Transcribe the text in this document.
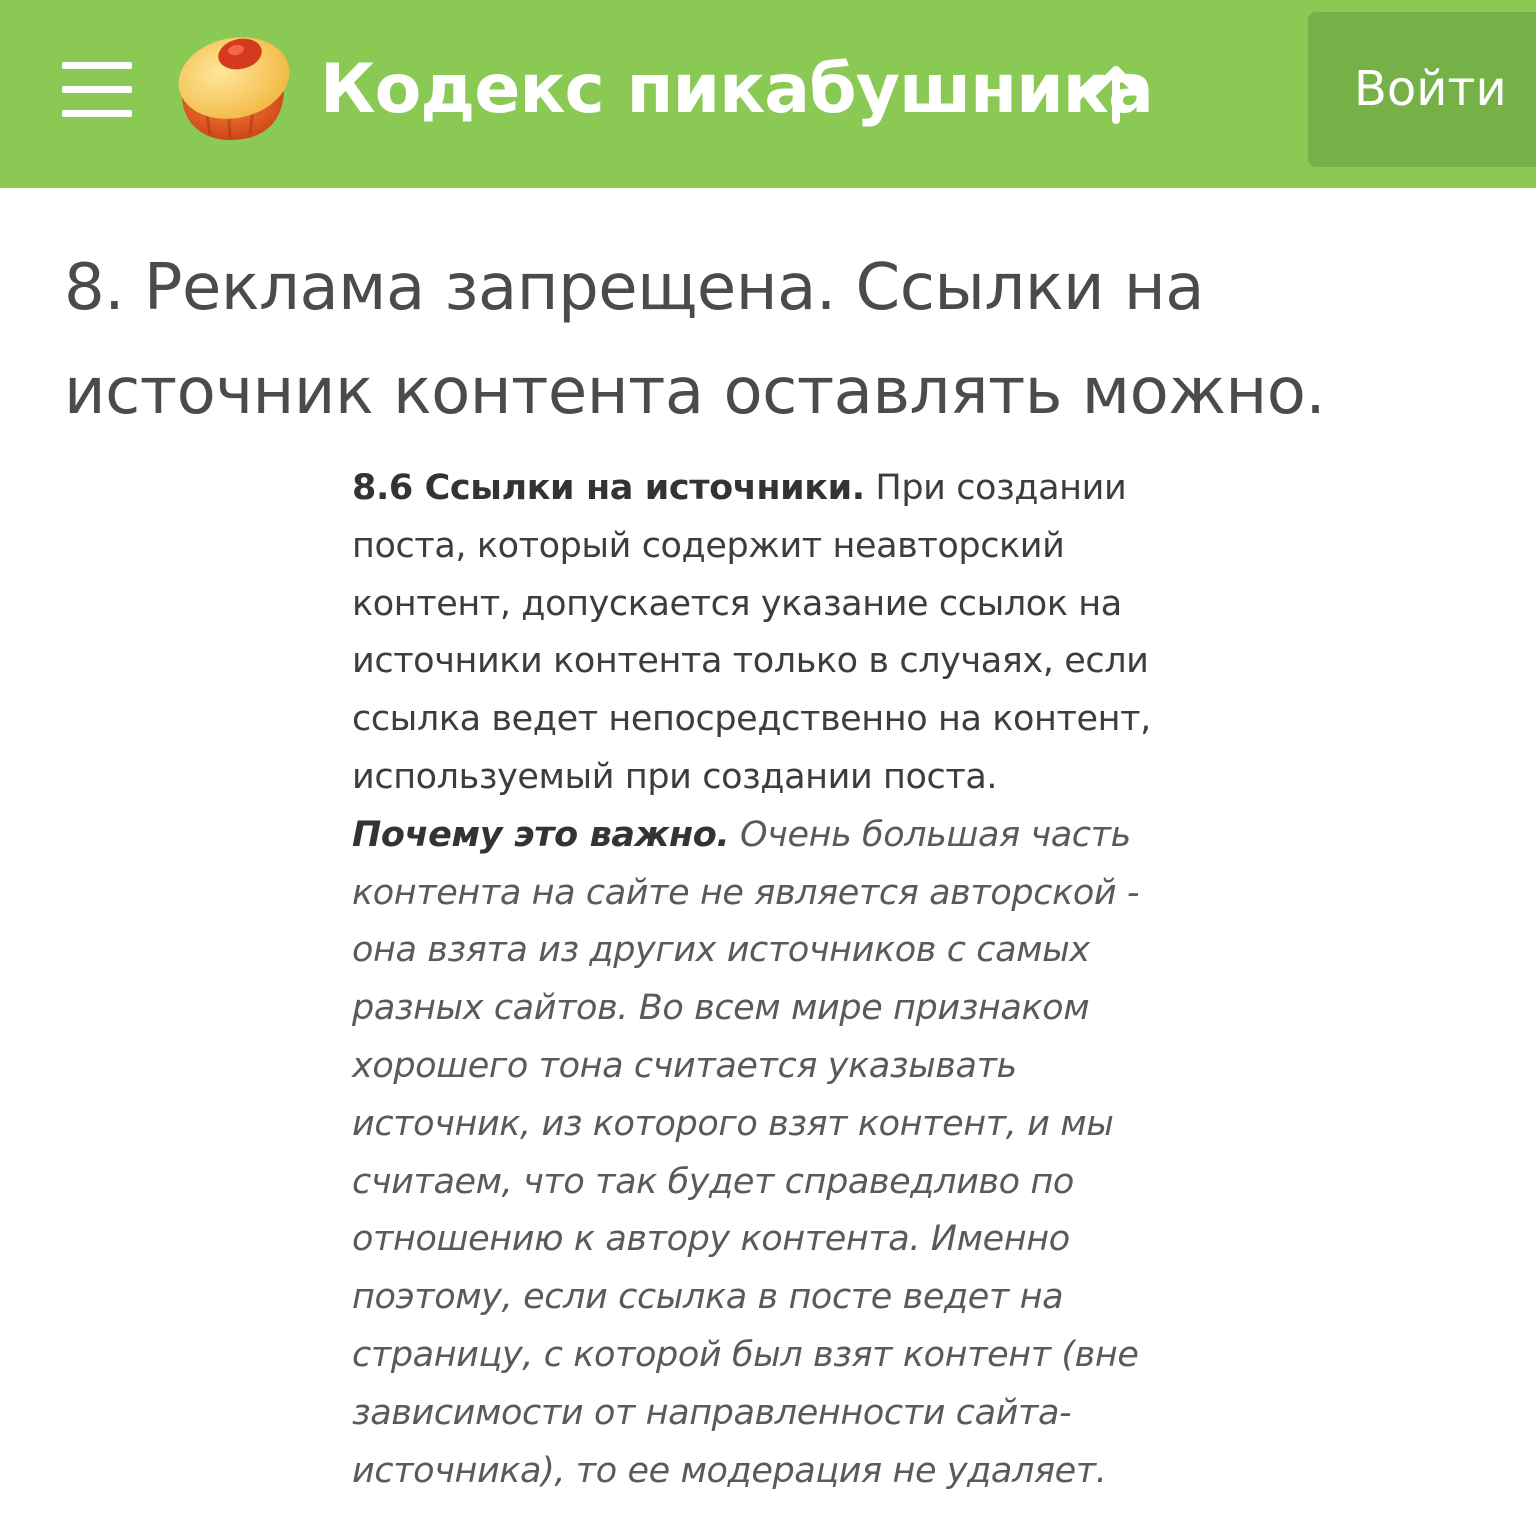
Кодекс пикабушника	Войти
8. Реклама запрещена. Ссылки на источник контента оставлять можно.

8.6 Ссылки на источники. При создании поста, который содержит неавторский контент, допускается указание ссылок на источники контента только в случаях, если ссылка ведет непосредственно на контент, используемый при создании поста.

Почему это важно. Очень большая часть контента на сайте не является авторской - она взята из других источников с самых разных сайтов. Во всем мире признаком хорошего тона считается указывать источник, из которого взят контент, и мы считаем, что так будет справедливо по отношению к автору контента. Именно поэтому, если ссылка в посте ведет на страницу, с которой был взят контент (вне зависимости от направленности сайта-источника), то ее модерация не удаляет.
